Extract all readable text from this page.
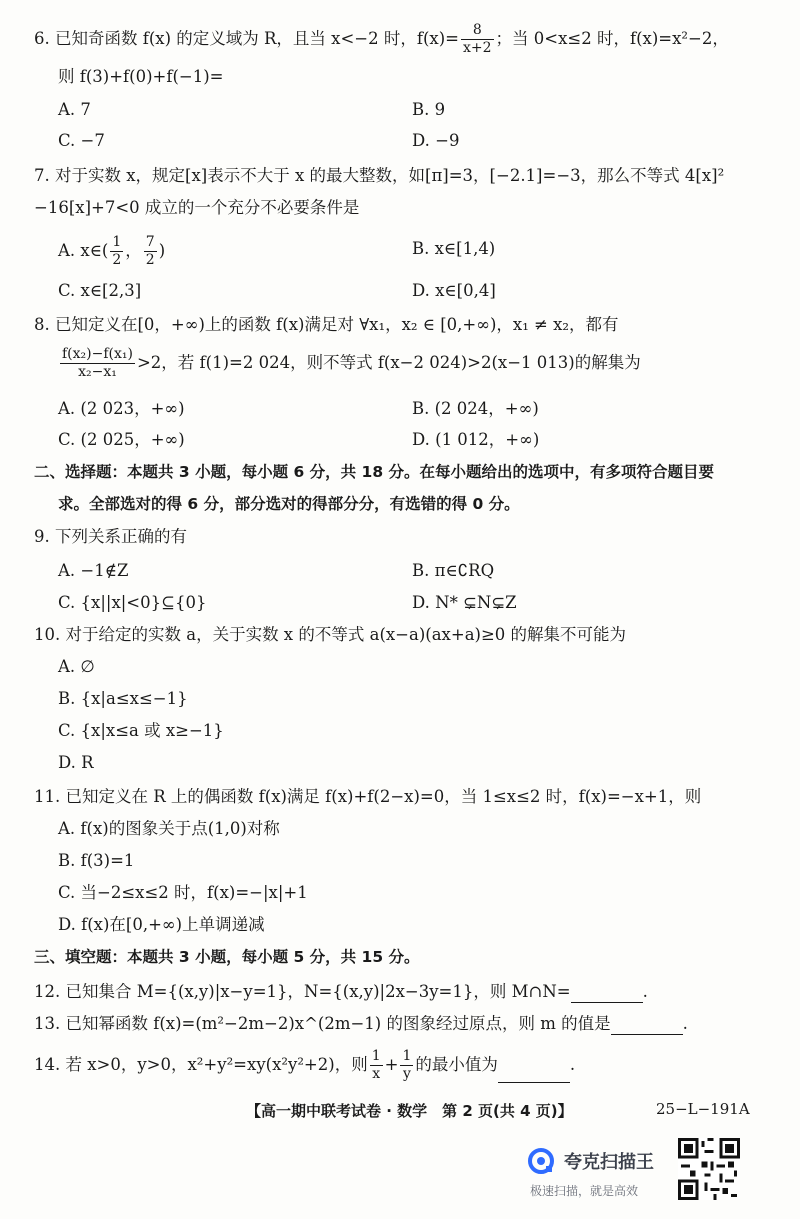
6. 已知奇函数 f(x) 的定义域为 R，且当 x<−2 时，$f(x)= \frac{8}{x+2}$ ；当 0<x≤2 时，f(x)=x²−2，
则 f(3)+f(0)+f(−1)=
A. 7	B. 9
C. −7	D. −9
7. 对于实数 x，规定[x]表示不大于 x 的最大整数，如[π]=3，[−2.1]=−3，那么不等式 4[x]²
−16[x]+7<0 成立的一个充分不必要条件是
A. x∈( $\frac{1}{2}$ ， $\frac{7}{2}$ )	B. x∈[1,4)
C. x∈[2,3]	D. x∈[0,4]
8. 已知定义在[0，+∞)上的函数 f(x)满足对 ∀x₁，x₂ ∈ [0,+∞)，x₁ ≠ x₂，都有
$\frac{\text{f(x₂)−f(x₁)}}{\text{x₂−x₁}} >2$，若 f(1)=2 024，则不等式 f(x−2 024)>2(x−1 013)的解集为
A. (2 023，+∞)	B. (2 024，+∞)
C. (2 025，+∞)	D. (1 012，+∞)
二、选择题：本题共 3 小题，每小题 6 分，共 18 分。在每小题给出的选项中，有多项符合题目要
求。全部选对的得 6 分，部分选对的得部分分，有选错的得 0 分。
9. 下列关系正确的有
A. −1∉Z	B. π∈∁RQ
C. {x||x|<0}⊆{0}	D. N* ⊊N⊊Z
10. 对于给定的实数 a，关于实数 x 的不等式 a(x−a)(ax+a)≥0 的解集不可能为
A. ∅
B. {x|a≤x≤−1}
C. {x|x≤a 或 x≥−1}
D. R
11. 已知定义在 R 上的偶函数 f(x)满足 f(x)+f(2−x)=0，当 1≤x≤2 时，f(x)=−x+1，则
A. f(x)的图象关于点(1,0)对称
B. f(3)=1
C. 当−2≤x≤2 时，f(x)=−|x|+1
D. f(x)在[0,+∞)上单调递减
三、填空题：本题共 3 小题，每小题 5 分，共 15 分。
12. 已知集合 M={(x,y)|x−y=1}，N={(x,y)|2x−3y=1}，则 M∩N=	.
13. 已知幂函数 f(x)=(m²−2m−2)x^(2m−1) 的图象经过原点，则 m 的值是	.
14. 若 x>0，y>0，x²+y²=xy(x²y²+2)，则 $\frac{1}{x} + \frac{1}{y}$ 的最小值为	.
【高一期中联考试卷 · 数学　第 2 页(共 4 页)】	25−L−191A
夸克扫描王
极速扫描，就是高效
